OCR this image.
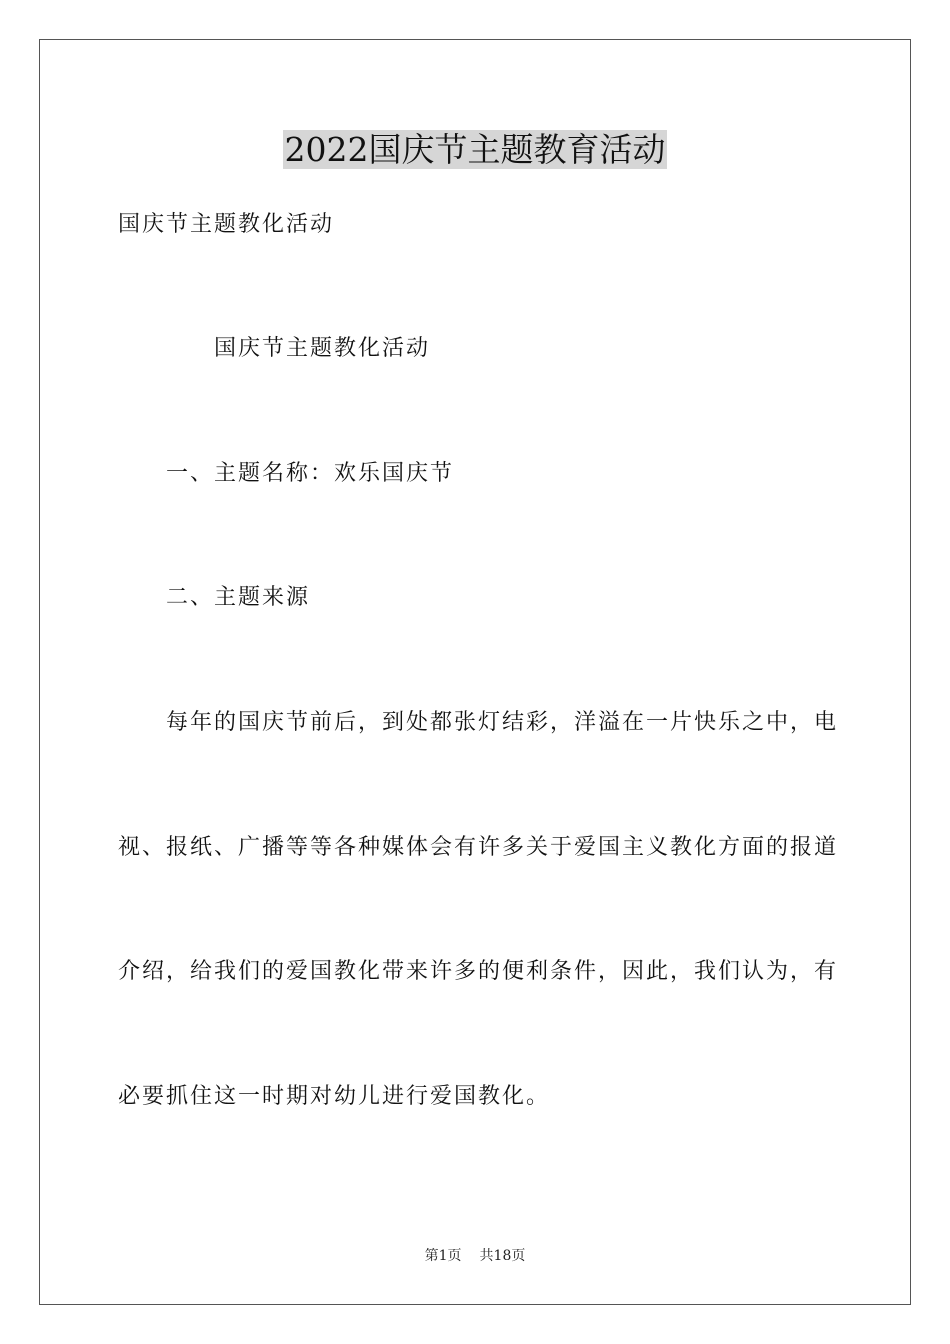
2022国庆节主题教育活动
国庆节主题教化活动
国庆节主题教化活动
一、主题名称：欢乐国庆节
二、主题来源
每年的国庆节前后，到处都张灯结彩，洋溢在一片快乐之中，电
视、报纸、广播等等各种媒体会有许多关于爱国主义教化方面的报道
介绍，给我们的爱国教化带来许多的便利条件，因此，我们认为，有
必要抓住这一时期对幼儿进行爱国教化。
第1页 共18页
